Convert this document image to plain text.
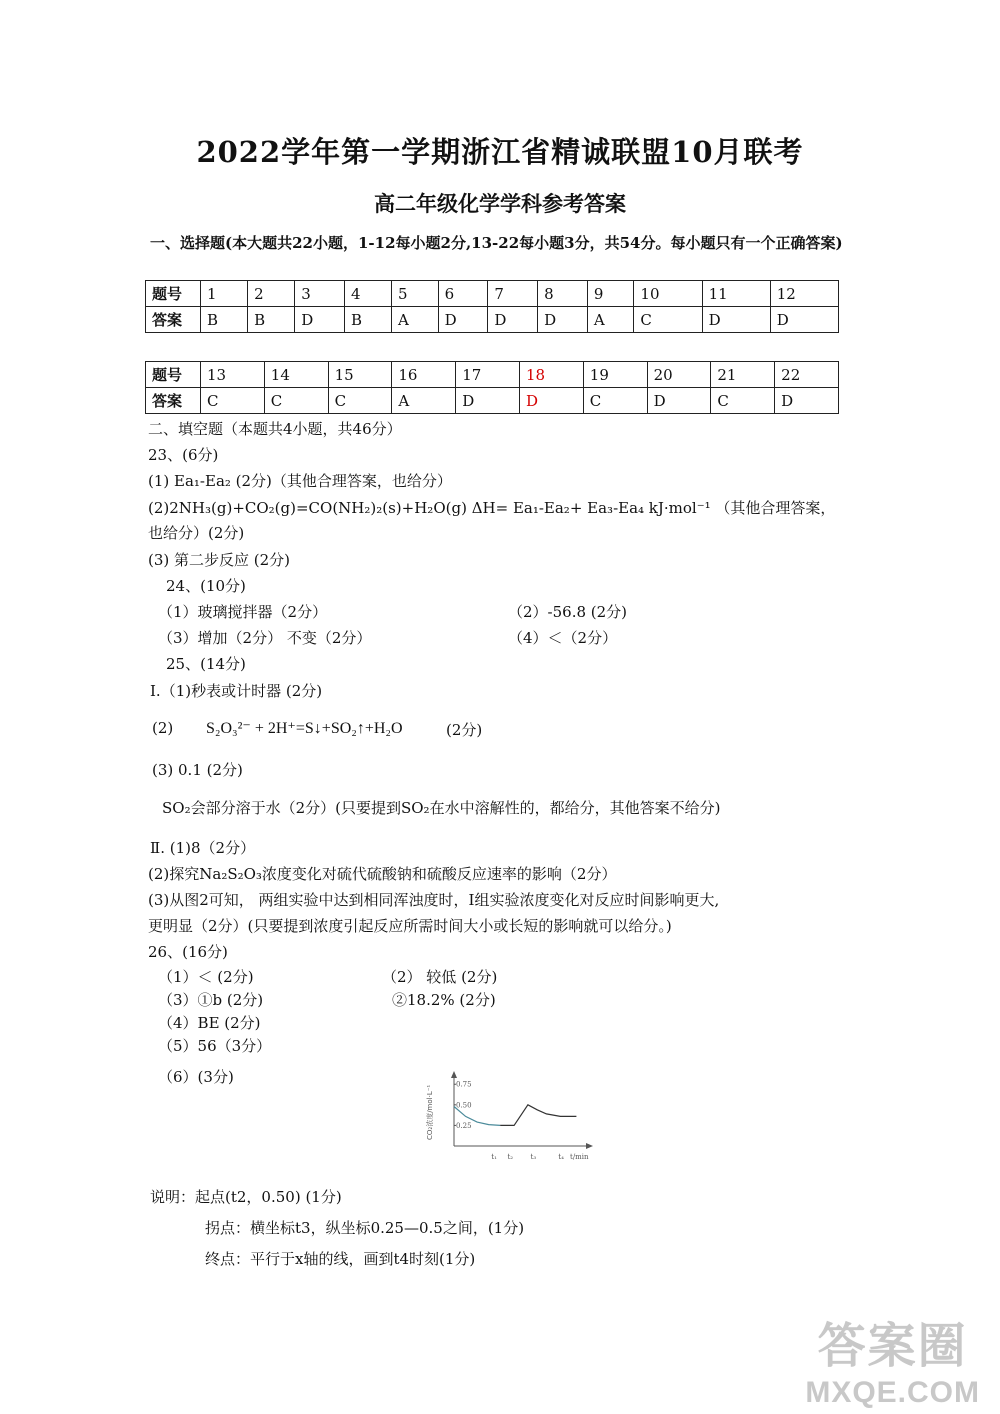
2022学年第一学期浙江省精诚联盟10月联考
高二年级化学学科参考答案
一、选择题(本大题共22小题，1-12每小题2分,13-22每小题3分，共54分。每小题只有一个正确答案)
题号	1	2	3	4	5	6	7	8	9	10	11	12
答案	B	B	D	B	A	D	D	D	A	C	D	D
题号	13	14	15	16	17	18	19	20	21	22
答案	C	C	C	A	D	D	C	D	C	D
二、填空题（本题共4小题，共46分）
23、(6分)
(1) Ea₁-Ea₂ (2分)（其他合理答案，也给分）
(2)2NH₃(g)+CO₂(g)=CO(NH₂)₂(s)+H₂O(g) ΔH= Ea₁-Ea₂+ Ea₃-Ea₄ kJ·mol⁻¹ （其他合理答案，
也给分）(2分)
(3) 第二步反应 (2分)
24、(10分)
（1）玻璃搅拌器（2分）	（2）-56.8 (2分)
（3）增加（2分） 不变（2分）	（4）＜（2分）
25、(14分)
Ⅰ.（1)秒表或计时器 (2分)
(2) S₂O₃²⁻ + 2H⁺=S↓+SO₂↑+H₂O	(2分)
(3) 0.1 (2分)
SO₂会部分溶于水（2分）(只要提到SO₂在水中溶解性的，都给分，其他答案不给分)
Ⅱ. (1)8（2分）
(2)探究Na₂S₂O₃浓度变化对硫代硫酸钠和硫酸反应速率的影响（2分）
(3)从图2可知， 两组实验中达到相同浑浊度时，Ⅰ组实验浓度变化对反应时间影响更大,
更明显（2分）(只要提到浓度引起反应所需时间大小或长短的影响就可以给分。)
26、(16分)
（1）＜ (2分)	（2） 较低 (2分)
（3）①b (2分)	②18.2% (2分)
（4）BE (2分)
（5）56（3分）
（6）(3分)	0.75
0.50
0.25
t₁ t₂ t₃	t₄
CO₂浓度/mol·L⁻¹
t/min
说明：起点(t2，0.50) (1分)
拐点：横坐标t3，纵坐标0.25—0.5之间，(1分)
终点：平行于x轴的线，画到t4时刻(1分)
答案圈
MXQE.COM
